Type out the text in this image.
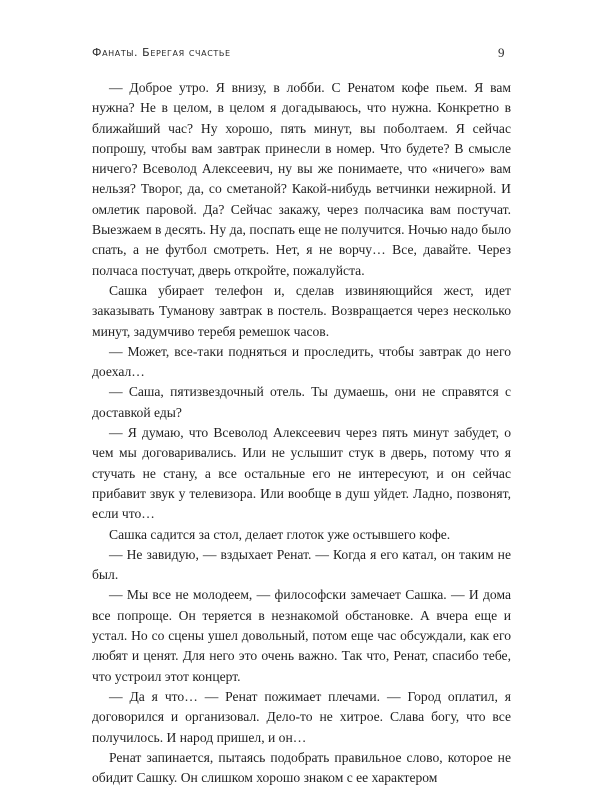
Фанаты. Берегая счастье	9

— Доброе утро. Я внизу, в лобби. С Ренатом кофе пьем. Я вам нужна? Не в целом, в целом я догадываюсь, что нужна. Конкретно в ближайший час? Ну хорошо, пять минут, вы поболтаем. Я сейчас попрошу, чтобы вам завтрак принесли в номер. Что будете? В смысле ничего? Всеволод Алексеевич, ну вы же понимаете, что «ничего» вам нельзя? Творог, да, со сметаной? Какой-нибудь ветчинки нежирной. И омлетик паровой. Да? Сейчас закажу, через полчасика вам постучат. Выезжаем в десять. Ну да, поспать еще не получится. Ночью надо было спать, а не футбол смотреть. Нет, я не ворчу… Все, давайте. Через полчаса постучат, дверь откройте, пожалуйста.

Сашка убирает телефон и, сделав извиняющийся жест, идет заказывать Туманову завтрак в постель. Возвращается через несколько минут, задумчиво теребя ремешок часов.

— Может, все-таки подняться и проследить, чтобы завтрак до него доехал…

— Саша, пятизвездочный отель. Ты думаешь, они не справятся с доставкой еды?

— Я думаю, что Всеволод Алексеевич через пять минут забудет, о чем мы договаривались. Или не услышит стук в дверь, потому что я стучать не стану, а все остальные его не интересуют, и он сейчас прибавит звук у телевизора. Или вообще в душ уйдет. Ладно, позвонят, если что…

Сашка садится за стол, делает глоток уже остывшего кофе.

— Не завидую, — вздыхает Ренат. — Когда я его катал, он таким не был.

— Мы все не молодеем, — философски замечает Сашка. — И дома все попроще. Он теряется в незнакомой обстановке. А вчера еще и устал. Но со сцены ушел довольный, потом еще час обсуждали, как его любят и ценят. Для него это очень важно. Так что, Ренат, спасибо тебе, что устроил этот концерт.

— Да я что… — Ренат пожимает плечами. — Город оплатил, я договорился и организовал. Дело-то не хитрое. Слава богу, что все получилось. И народ пришел, и он…

Ренат запинается, пытаясь подобрать правильное слово, которое не обидит Сашку. Он слишком хорошо знаком с ее характером
